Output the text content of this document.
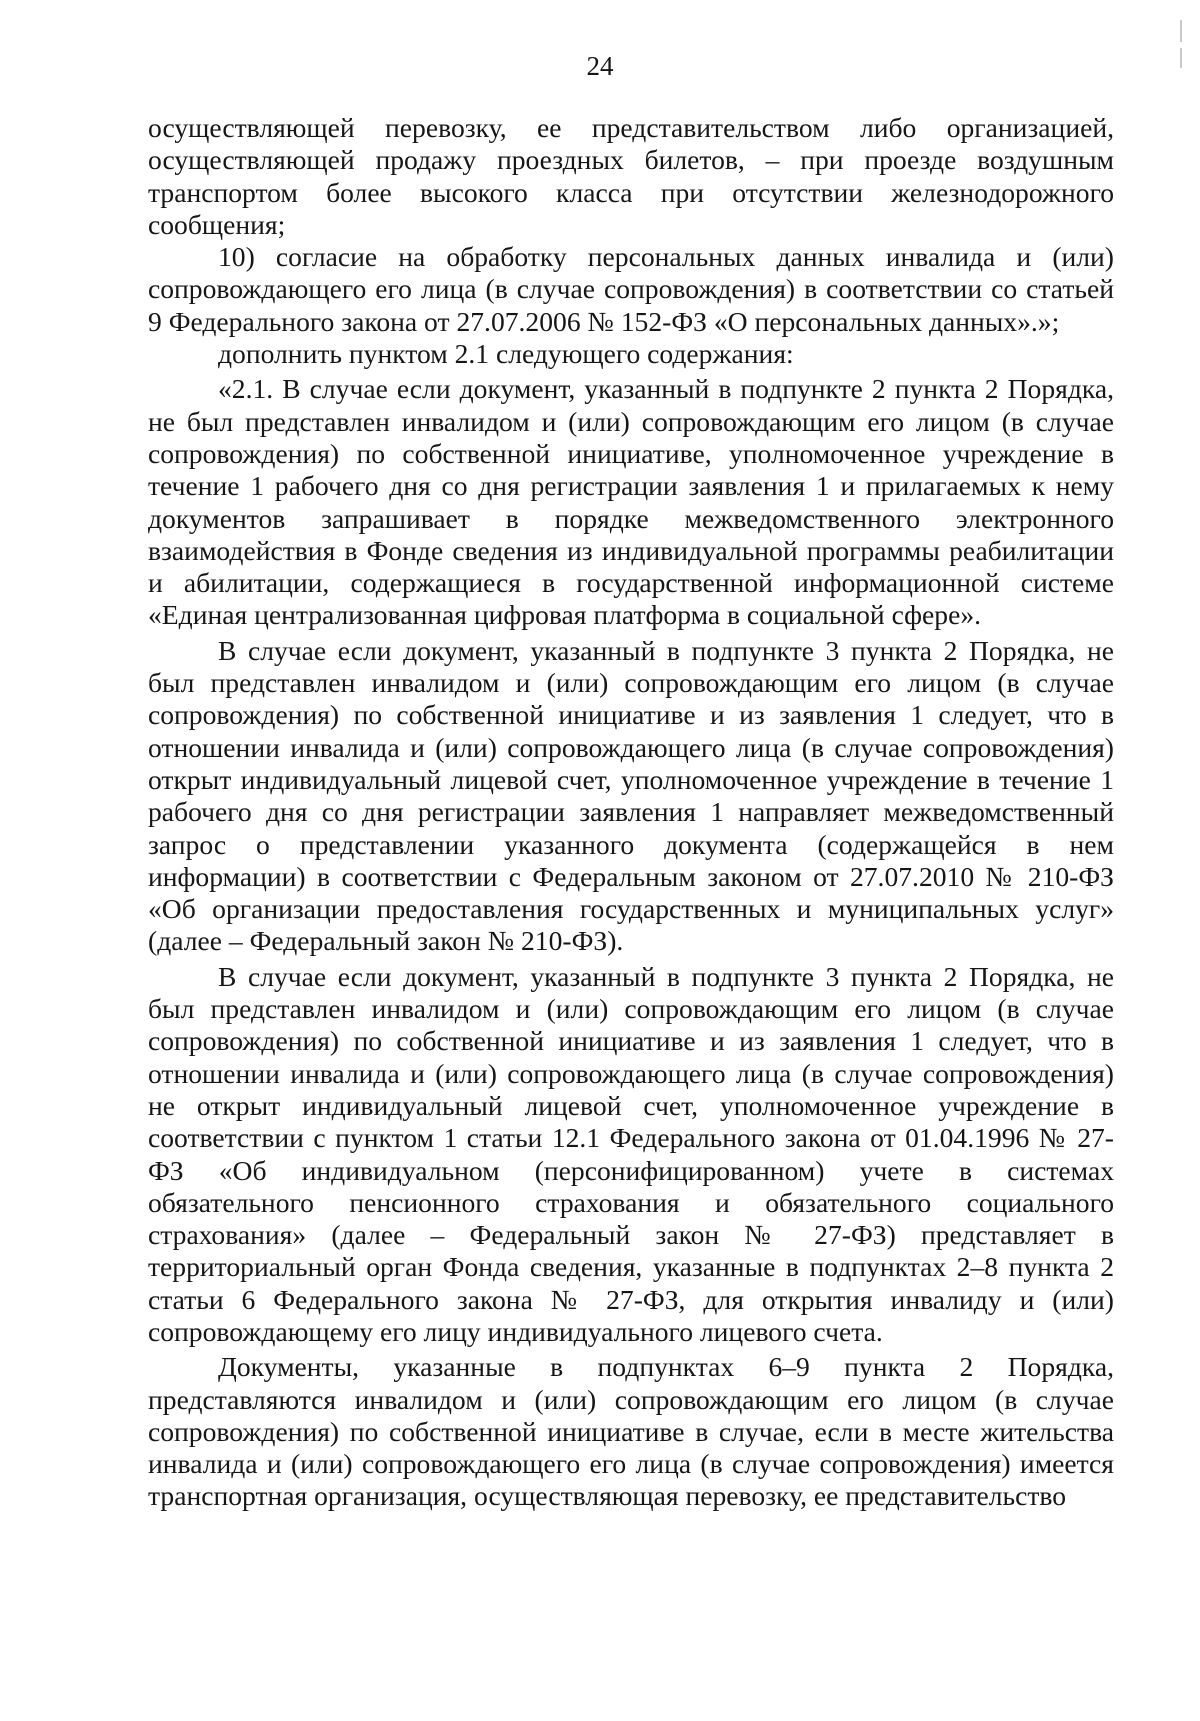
24

осуществляющей перевозку, ее представительством либо организацией, осуществляющей продажу проездных билетов, – при проезде воздушным транспортом более высокого класса при отсутствии железнодорожного сообщения;

10) согласие на обработку персональных данных инвалида и (или) сопровождающего его лица (в случае сопровождения) в соответствии со статьей 9 Федерального закона от 27.07.2006 № 152-ФЗ «О персональных данных».»;

дополнить пунктом 2.1 следующего содержания:

«2.1. В случае если документ, указанный в подпункте 2 пункта 2 Порядка, не был представлен инвалидом и (или) сопровождающим его лицом (в случае сопровождения) по собственной инициативе, уполномоченное учреждение в течение 1 рабочего дня со дня регистрации заявления 1 и прилагаемых к нему документов запрашивает в порядке межведомственного электронного взаимодействия в Фонде сведения из индивидуальной программы реабилитации и абилитации, содержащиеся в государственной информационной системе «Единая централизованная цифровая платформа в социальной сфере».

В случае если документ, указанный в подпункте 3 пункта 2 Порядка, не был представлен инвалидом и (или) сопровождающим его лицом (в случае сопровождения) по собственной инициативе и из заявления 1 следует, что в отношении инвалида и (или) сопровождающего лица (в случае сопровождения) открыт индивидуальный лицевой счет, уполномоченное учреждение в течение 1 рабочего дня со дня регистрации заявления 1 направляет межведомственный запрос о представлении указанного документа (содержащейся в нем информации) в соответствии с Федеральным законом от 27.07.2010 № 210-ФЗ «Об организации предоставления государственных и муниципальных услуг» (далее – Федеральный закон № 210-ФЗ).

В случае если документ, указанный в подпункте 3 пункта 2 Порядка, не был представлен инвалидом и (или) сопровождающим его лицом (в случае сопровождения) по собственной инициативе и из заявления 1 следует, что в отношении инвалида и (или) сопровождающего лица (в случае сопровождения) не открыт индивидуальный лицевой счет, уполномоченное учреждение в соответствии с пунктом 1 статьи 12.1 Федерального закона от 01.04.1996 № 27-ФЗ «Об индивидуальном (персонифицированном) учете в системах обязательного пенсионного страхования и обязательного социального страхования» (далее – Федеральный закон № 27-ФЗ) представляет в территориальный орган Фонда сведения, указанные в подпунктах 2–8 пункта 2 статьи 6 Федерального закона № 27-ФЗ, для открытия инвалиду и (или) сопровождающему его лицу индивидуального лицевого счета.

Документы, указанные в подпунктах 6–9 пункта 2 Порядка, представляются инвалидом и (или) сопровождающим его лицом (в случае сопровождения) по собственной инициативе в случае, если в месте жительства инвалида и (или) сопровождающего его лица (в случае сопровождения) имеется транспортная организация, осуществляющая перевозку, ее представительство
